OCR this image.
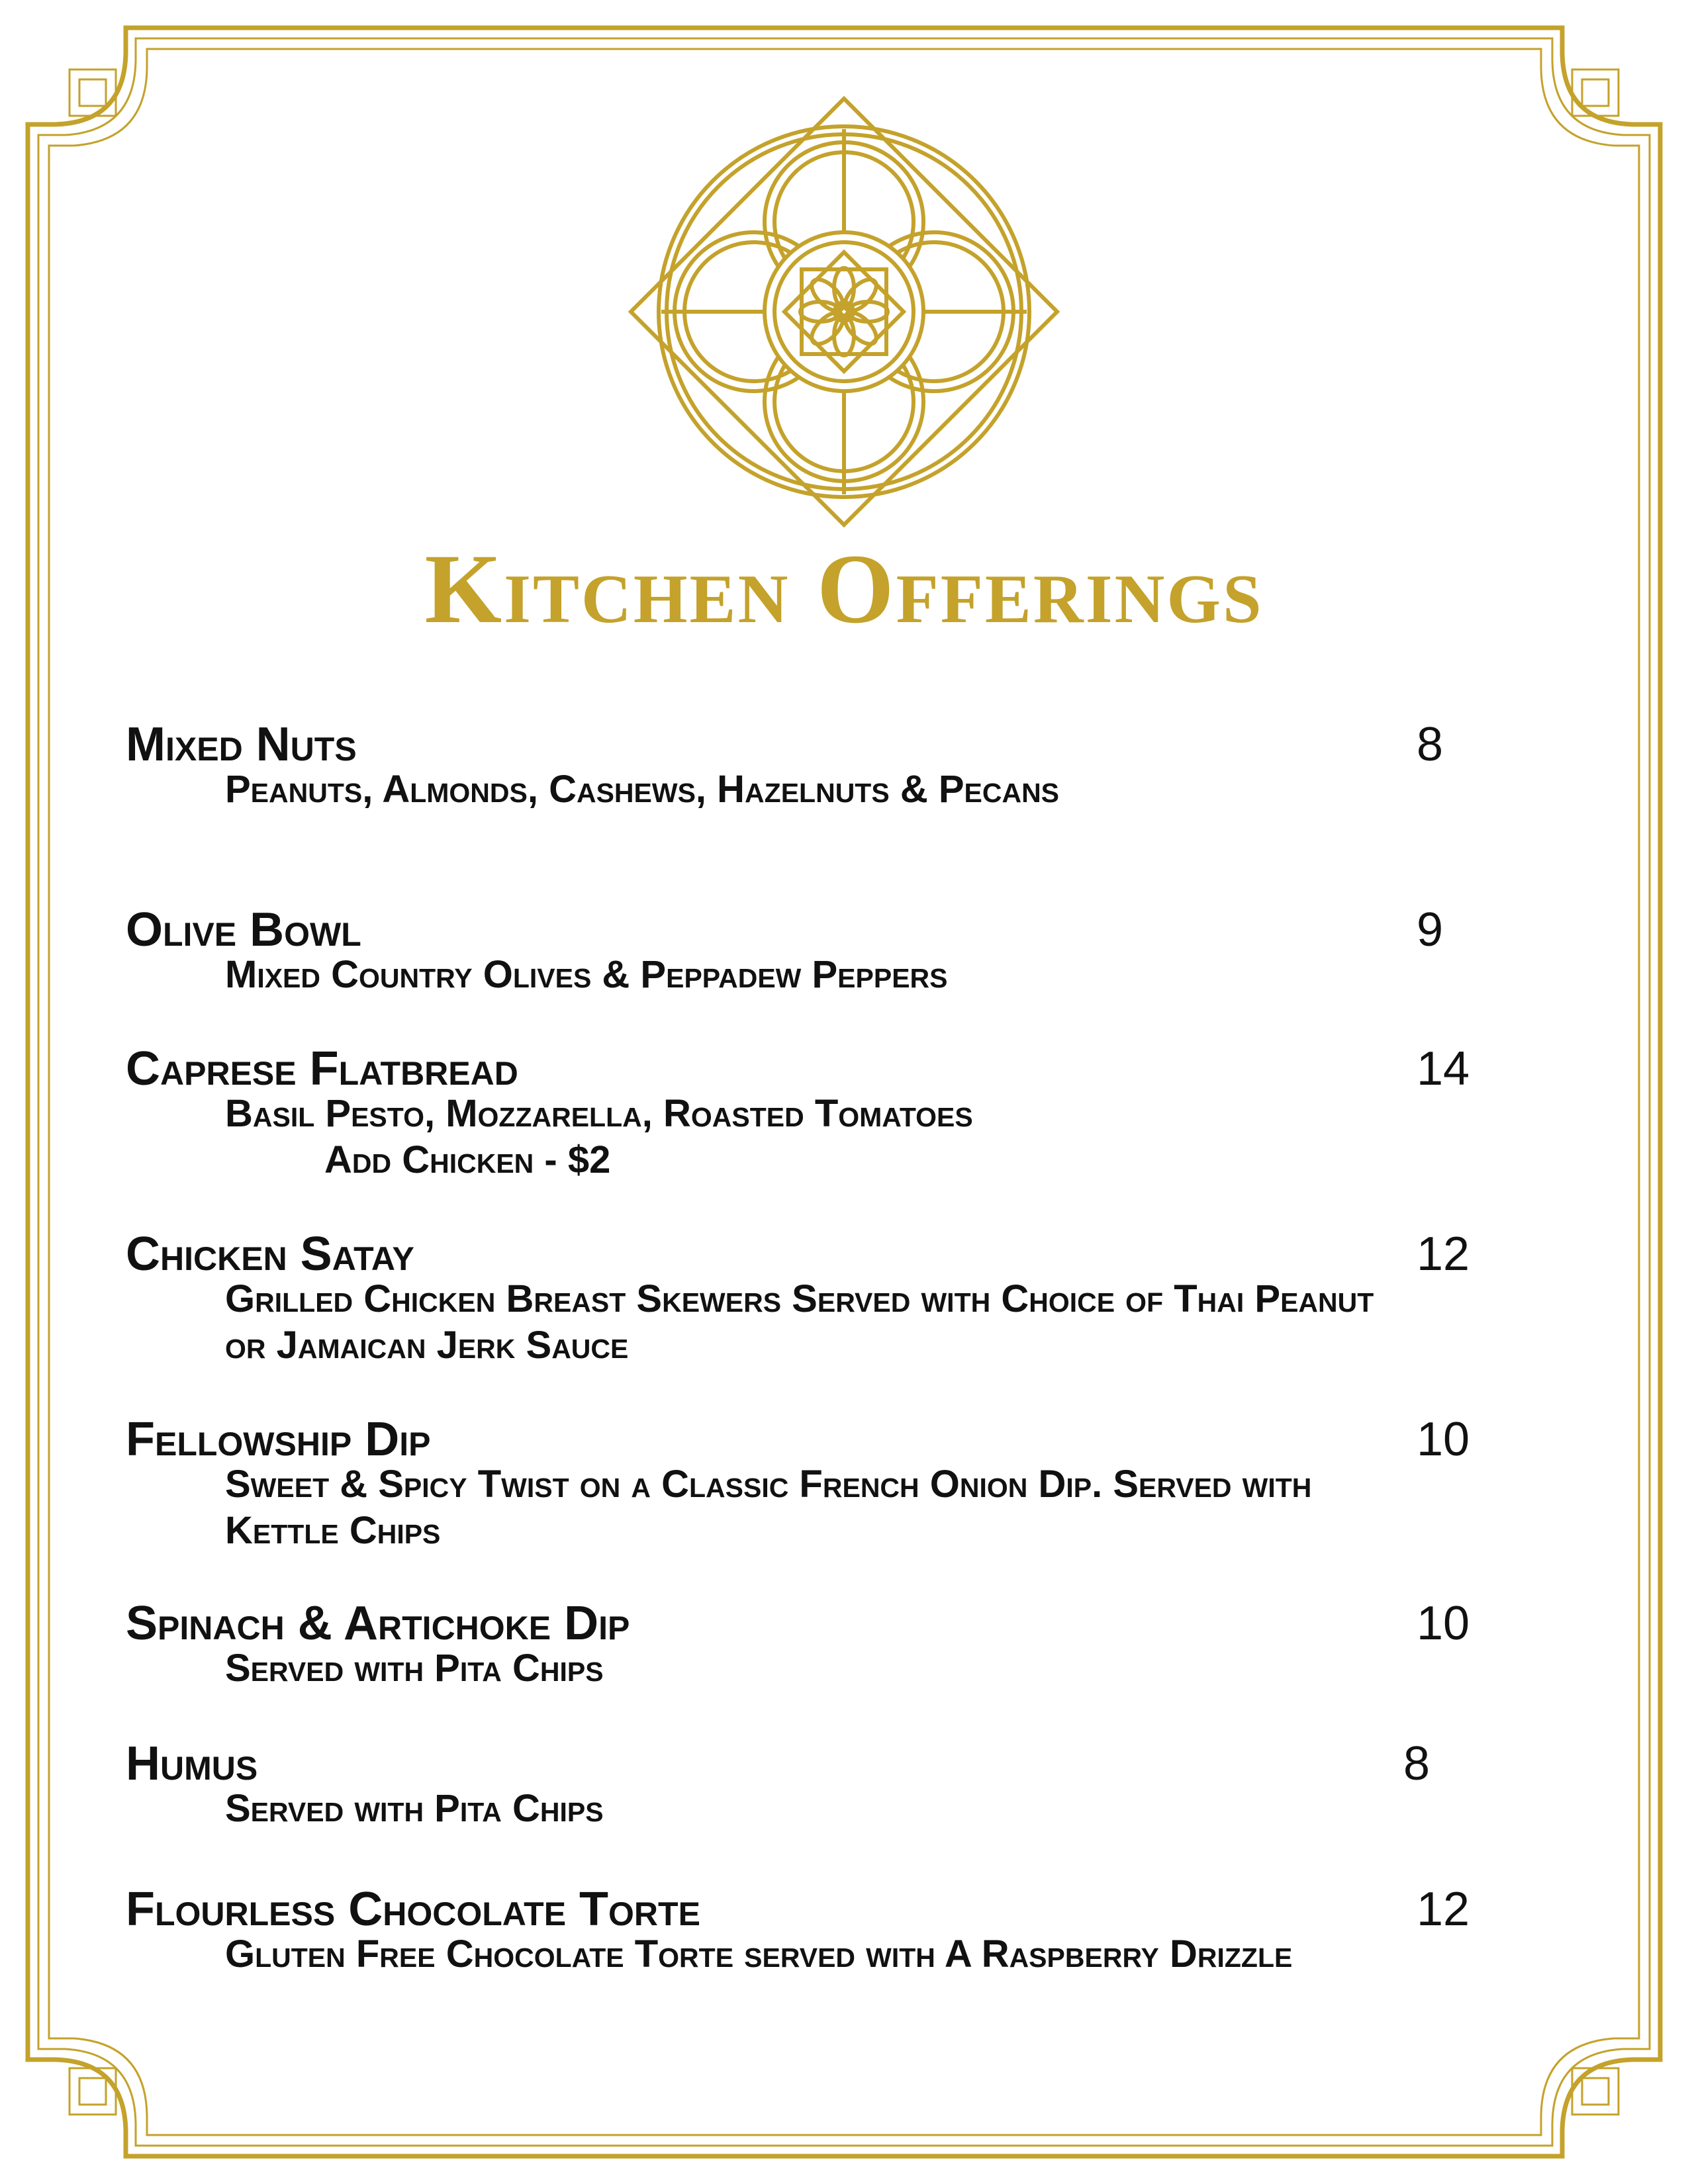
Kitchen Offerings
Mixed Nuts	8

Peanuts, Almonds, Cashews, Hazelnuts & Pecans

Olive Bowl	9

Mixed Country Olives & Peppadew Peppers

Caprese Flatbread	14

Basil Pesto, Mozzarella, Roasted Tomatoes

Add Chicken - $2
Chicken Satay	12

Grilled Chicken Breast Skewers Served with Choice of Thai Peanut or Jamaican Jerk Sauce

Fellowship Dip	10

Sweet & Spicy Twist on a Classic French Onion Dip. Served with Kettle Chips

Spinach & Artichoke Dip	10

Served with Pita Chips

Humus	8

Served with Pita Chips

Flourless Chocolate Torte	12

Gluten Free Chocolate Torte served with A Raspberry Drizzle
